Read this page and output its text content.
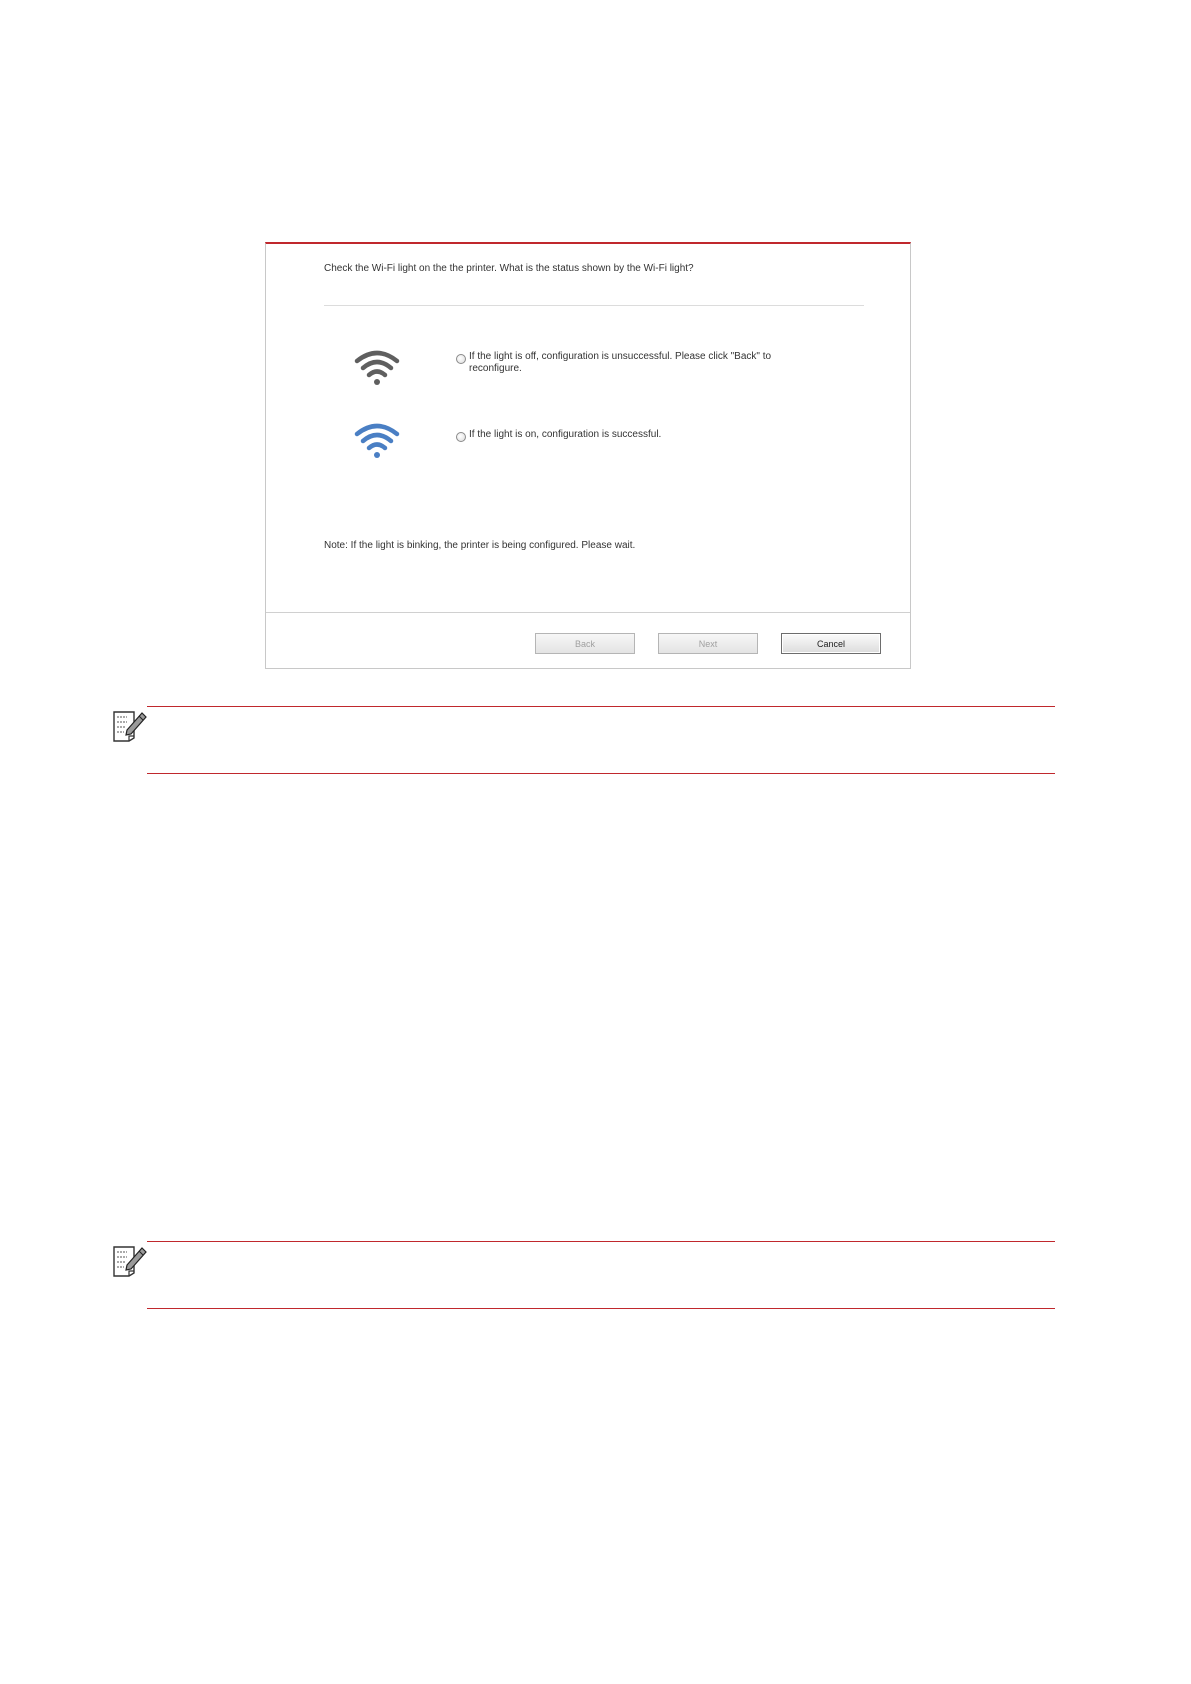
Check the Wi-Fi light on the the printer. What is the status shown by the Wi-Fi light?
If the light is off, configuration is unsuccessful. Please click "Back" to reconfigure.
If the light is on, configuration is successful.
Note: If the light is binking, the printer is being configured. Please wait.
Back	Next	Cancel
